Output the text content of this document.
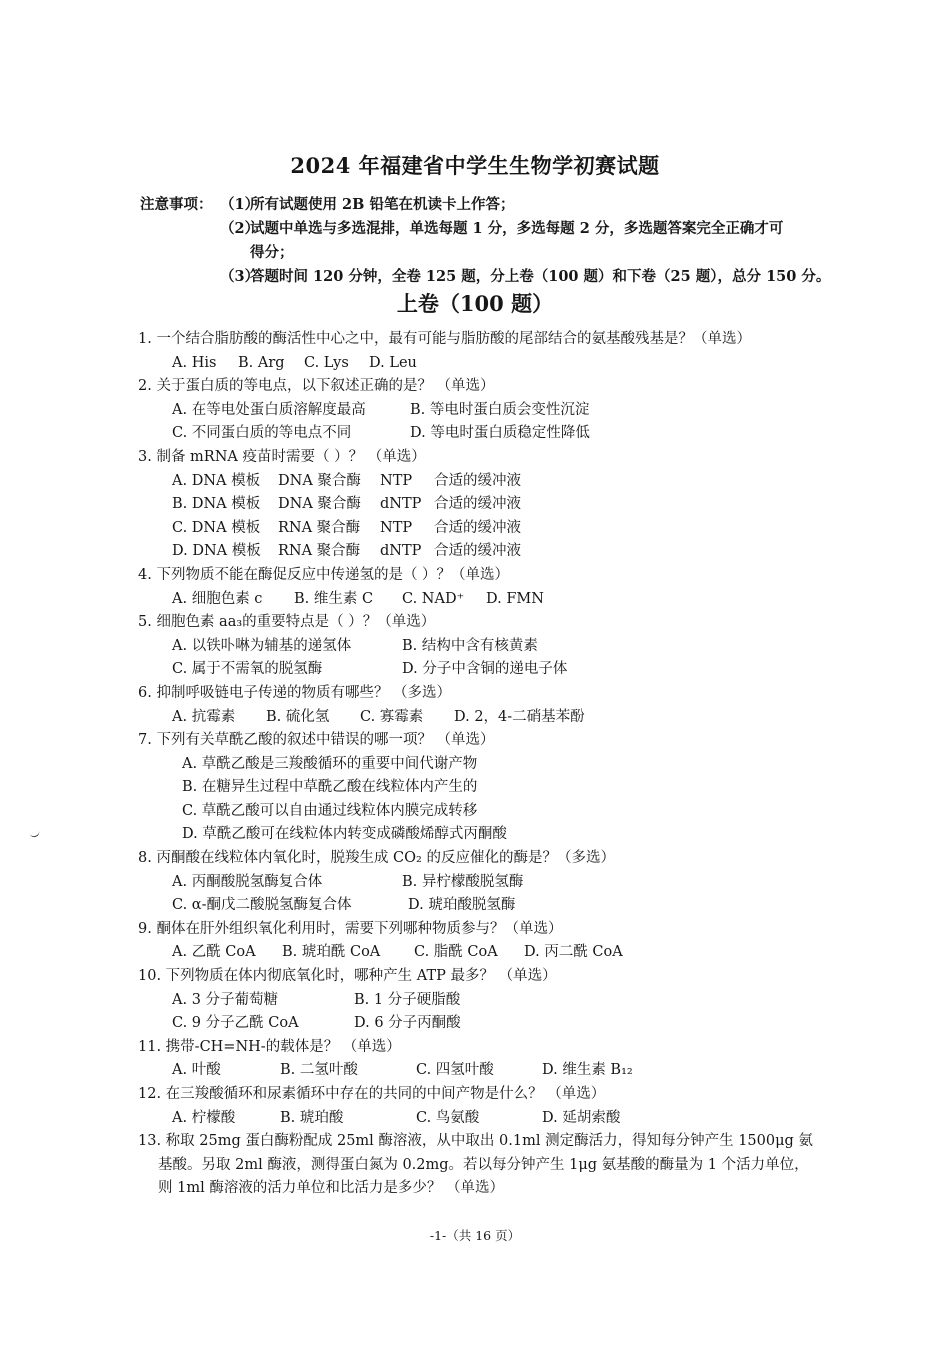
2024 年福建省中学生生物学初赛试题
注意事项： （1）
所有试题使用 2B 铅笔在机读卡上作答；
（2）
试题中单选与多选混排，单选每题 1 分，多选每题 2 分，多选题答案完全正确才可
得分；
（3）
答题时间 120 分钟，全卷 125 题，分上卷（100 题）和下卷（25 题），总分 150 分。
上卷（100 题）
1. 一个结合脂肪酸的酶活性中心之中，最有可能与脂肪酸的尾部结合的氨基酸残基是？（单选）
A. His B. Arg C. Lys D. Leu
2. 关于蛋白质的等电点，以下叙述正确的是？ （单选）
A. 在等电处蛋白质溶解度最高	B. 等电时蛋白质会变性沉淀
C. 不同蛋白质的等电点不同	D. 等电时蛋白质稳定性降低
3. 制备 mRNA 疫苗时需要（ ）？ （单选）
A. DNA 模板 DNA 聚合酶 NTP 合适的缓冲液
B. DNA 模板 DNA 聚合酶 dNTP 合适的缓冲液
C. DNA 模板 RNA 聚合酶 NTP 合适的缓冲液
D. DNA 模板 RNA 聚合酶 dNTP 合适的缓冲液
4. 下列物质不能在酶促反应中传递氢的是（ ）？（单选）
A. 细胞色素 c B. 维生素 C C. NAD⁺ D. FMN
5. 细胞色素 aa₃的重要特点是（ ）？（单选）
A. 以铁卟啉为辅基的递氢体	B. 结构中含有核黄素
C. 属于不需氧的脱氢酶	D. 分子中含铜的递电子体
6. 抑制呼吸链电子传递的物质有哪些？ （多选）
A. 抗霉素 B. 硫化氢 C. 寡霉素 D. 2，4-二硝基苯酚
7. 下列有关草酰乙酸的叙述中错误的哪一项？ （单选）
A. 草酰乙酸是三羧酸循环的重要中间代谢产物
B. 在糖异生过程中草酰乙酸在线粒体内产生的
C. 草酰乙酸可以自由通过线粒体内膜完成转移
D. 草酰乙酸可在线粒体内转变成磷酸烯醇式丙酮酸
8. 丙酮酸在线粒体内氧化时，脱羧生成 CO₂ 的反应催化的酶是？（多选）
A. 丙酮酸脱氢酶复合体	B. 异柠檬酸脱氢酶
C. α-酮戊二酸脱氢酶复合体	D. 琥珀酸脱氢酶
9. 酮体在肝外组织氧化利用时，需要下列哪种物质参与？（单选）
A. 乙酰 CoA B. 琥珀酰 CoA C. 脂酰 CoA D. 丙二酰 CoA
10. 下列物质在体内彻底氧化时，哪种产生 ATP 最多？ （单选）
A. 3 分子葡萄糖	B. 1 分子硬脂酸
C. 9 分子乙酰 CoA	D. 6 分子丙酮酸
11. 携带-CH=NH-的载体是？ （单选）
A. 叶酸	B. 二氢叶酸	C. 四氢叶酸	D. 维生素 B₁₂
12. 在三羧酸循环和尿素循环中存在的共同的中间产物是什么？ （单选）
A. 柠檬酸	B. 琥珀酸	C. 鸟氨酸	D. 延胡索酸
13. 称取 25mg 蛋白酶粉配成 25ml 酶溶液，从中取出 0.1ml 测定酶活力，得知每分钟产生 1500μg 氨
基酸。另取 2ml 酶液，测得蛋白氮为 0.2mg。若以每分钟产生 1μg 氨基酸的酶量为 1 个活力单位，
则 1ml 酶溶液的活力单位和比活力是多少？ （单选）
-1-（共 16 页）
